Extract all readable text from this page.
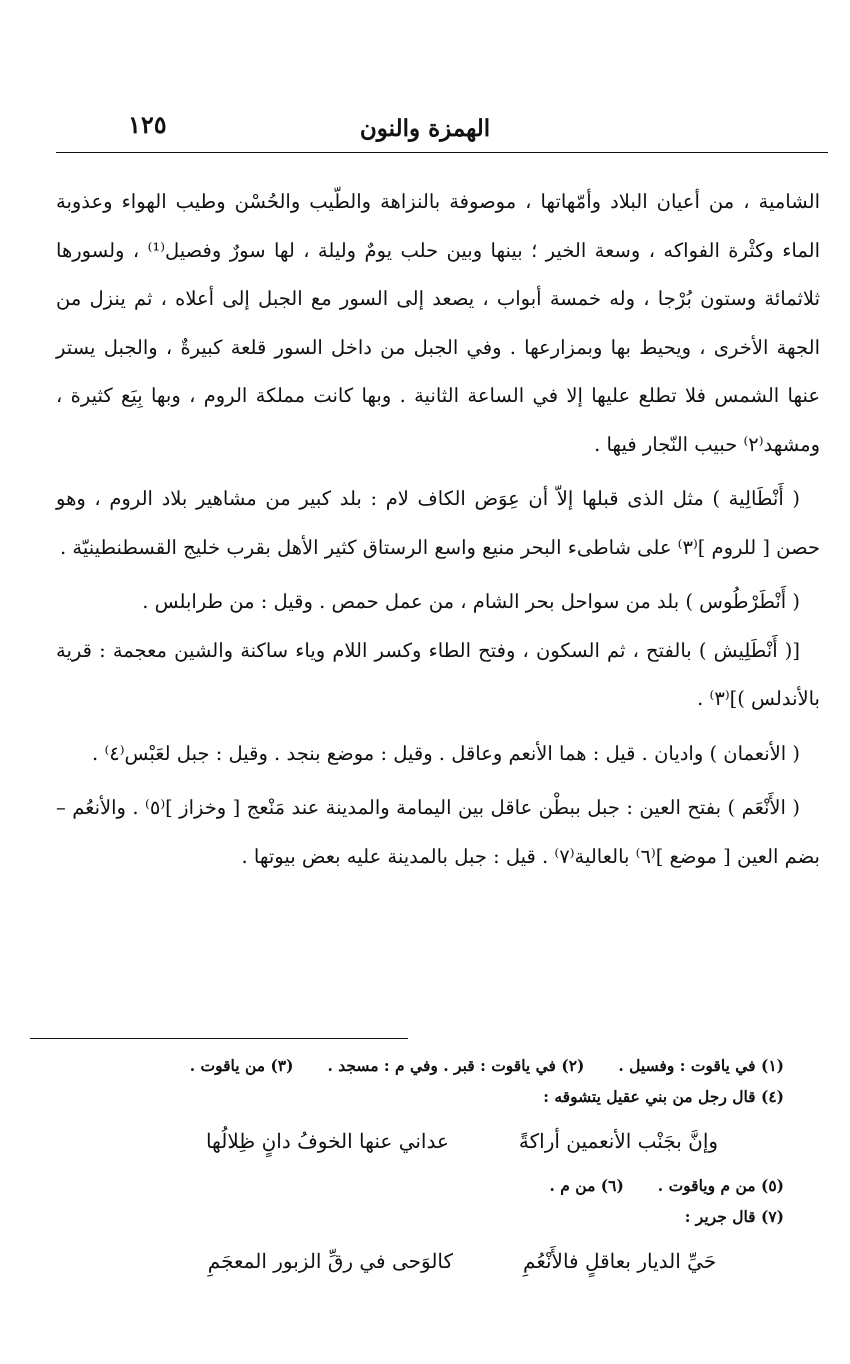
الهمزة والنون
١٢٥

الشامية ، من أعيان البلاد وأمّهاتها ، موصوفة بالنزاهة والطّيب والحُسْن وطيب الهواء وعذوبة الماء وكثْرة الفواكه ، وسعة الخير ؛ بينها وبين حلب يومٌ وليلة ، لها سورٌ وفصيل⁽¹⁾ ، ولسورها ثلاثمائة وستون بُرْجا ، وله خمسة أبواب ، يصعد إلى السور مع الجبل إلى أعلاه ، ثم ينزل من الجهة الأخرى ، ويحيط بها وبمزارعها . وفي الجبل من داخل السور قلعة كبيرةٌ ، والجبل يستر عنها الشمس فلا تطلع عليها إلا في الساعة الثانية . وبها كانت مملكة الروم ، وبها بِيَع كثيرة ، ومشهد⁽٢⁾ حبيب النّجار فيها .

( أَنْطَالِية ) مثل الذى قبلها إلاّ أن عِوَض الكاف لام : بلد كبير من مشاهير بلاد الروم ، وهو حصن [ للروم ]⁽٣⁾ على شاطىء البحر منيع واسع الرستاق كثير الأهل بقرب خليج القسطنطينيّة .

( أَنْطَرْطُوس ) بلد من سواحل بحر الشام ، من عمل حمص . وقيل : من طرابلس .

[( أَنْطَلِيش ) بالفتح ، ثم السكون ، وفتح الطاء وكسر اللام وياء ساكنة والشين معجمة : قرية بالأندلس )]⁽٣⁾ .

( الأنعمان ) واديان . قيل : هما الأنعم وعاقل . وقيل : موضع بنجد . وقيل : جبل لعَبْس⁽٤⁾ .

( الأَنْعَم ) بفتح العين : جبل ببطْن عاقل بين اليمامة والمدينة عند مَنْعج [ وخزاز ]⁽٥⁾ . والأنعُم – بضم العين [ موضع ]⁽٦⁾ بالعالية⁽٧⁾ . قيل : جبل بالمدينة عليه بعض بيوتها .

(١) في ياقوت : وفسيل .
(٢) في ياقوت : قبر . وفي م : مسجد .
(٣) من ياقوت .
(٤) قال رجل من بني عقيل يتشوقه :
وإنَّ بجَنْب الأنعمين أراكةً
عداني عنها الخوفُ دانٍ ظِلالُها
(٥) من م وياقوت .
(٦) من م .
(٧) قال جرير :
حَيِّ الديار بعاقلٍ فالأَنْعُمِ
كالوَحى في رقِّ الزبور المعجَمِ
